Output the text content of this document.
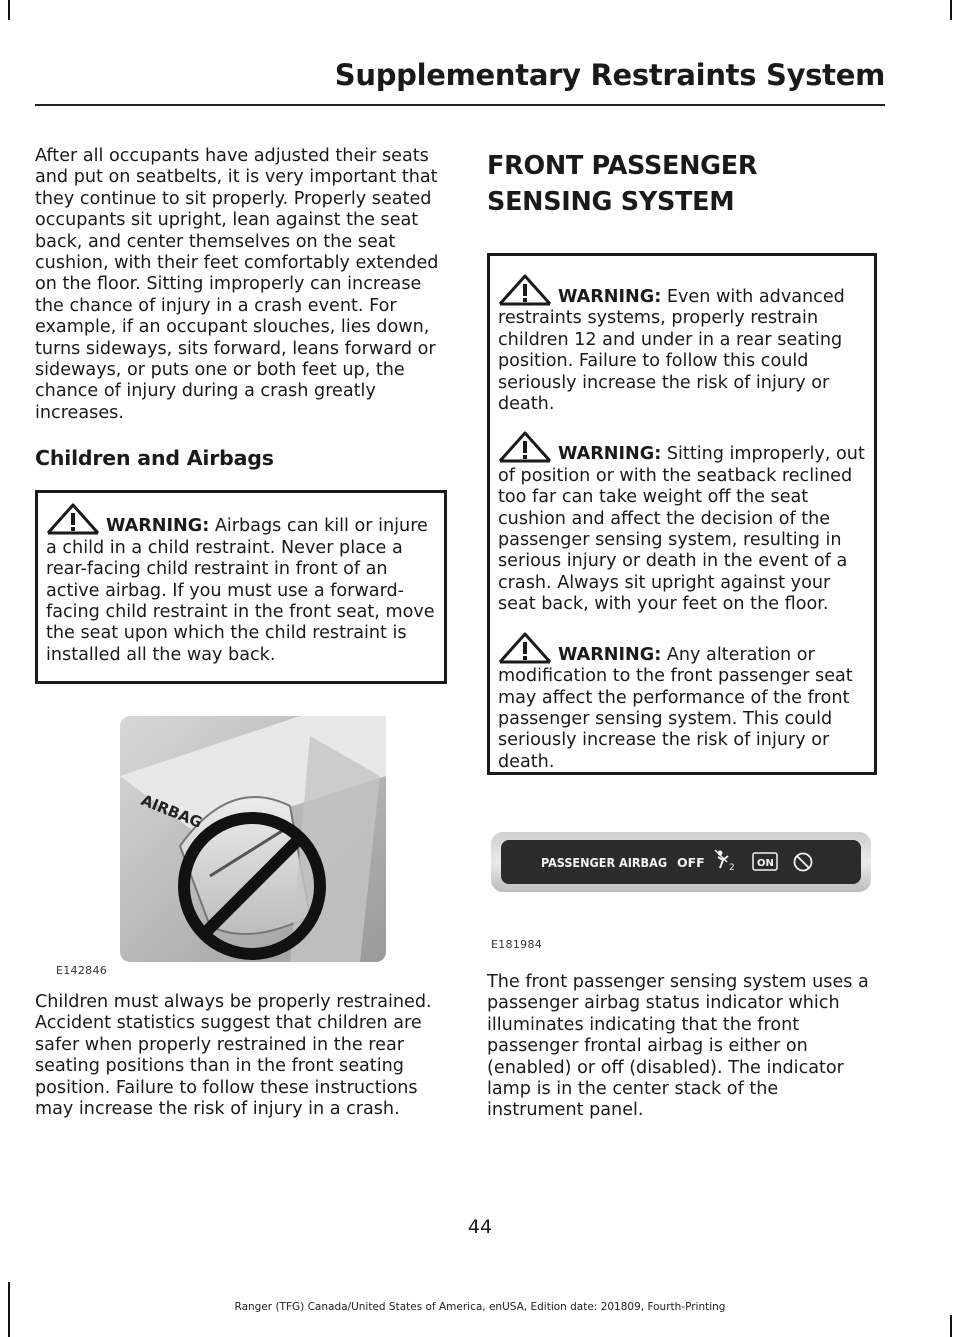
Supplementary Restraints System

After all occupants have adjusted their seats and put on seatbelts, it is very important that they continue to sit properly. Properly seated occupants sit upright, lean against the seat back, and center themselves on the seat cushion, with their feet comfortably extended on the floor. Sitting improperly can increase the chance of injury in a crash event. For example, if an occupant slouches, lies down, turns sideways, sits forward, leans forward or sideways, or puts one or both feet up, the chance of injury during a crash greatly increases.

Children and Airbags
WARNING: Airbags can kill or injure a child in a child restraint. Never place a rear-facing child restraint in front of an active airbag. If you must use a forward-facing child restraint in the front seat, move the seat upon which the child restraint is installed all the way back.
AIRBAG
E142846
Children must always be properly restrained. Accident statistics suggest that children are safer when properly restrained in the rear seating positions than in the front seating position. Failure to follow these instructions may increase the risk of injury in a crash.
FRONT PASSENGER SENSING SYSTEM
WARNING: Even with advanced restraints systems, properly restrain children 12 and under in a rear seating position. Failure to follow this could seriously increase the risk of injury or death.
WARNING: Sitting improperly, out of position or with the seatback reclined too far can take weight off the seat cushion and affect the decision of the passenger sensing system, resulting in serious injury or death in the event of a crash. Always sit upright against your seat back, with your feet on the floor.
WARNING: Any alteration or modification to the front passenger seat may affect the performance of the front passenger sensing system. This could seriously increase the risk of injury or death.
PASSENGER AIRBAG OFF	2 ON
E181984
The front passenger sensing system uses a passenger airbag status indicator which illuminates indicating that the front passenger frontal airbag is either on (enabled) or off (disabled). The indicator lamp is in the center stack of the instrument panel.
44
Ranger (TFG) Canada/United States of America, enUSA, Edition date: 201809, Fourth-Printing
